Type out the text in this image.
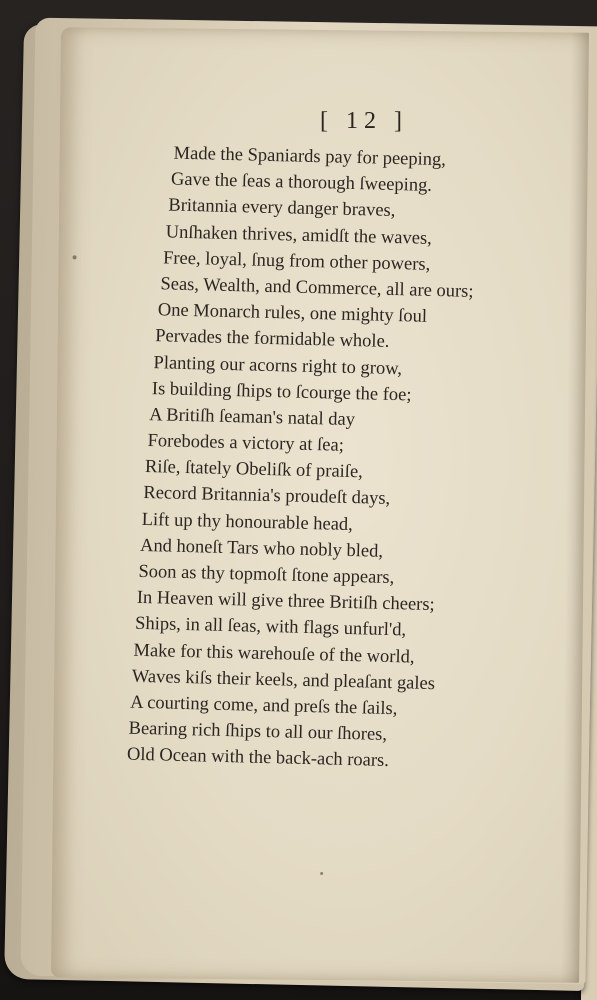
[ 12 ]
Made the Spaniards pay for peeping,
Gave the ſeas a thorough ſweeping.
Britannia every danger braves,
Unſhaken thrives, amidſt the waves,
Free, loyal, ſnug from other powers,
Seas, Wealth, and Commerce, all are ours;
One Monarch rules, one mighty ſoul
Pervades the formidable whole.
Planting our acorns right to grow,
Is building ſhips to ſcourge the foe;
A Britiſh ſeaman's natal day
Forebodes a victory at ſea;
Riſe, ſtately Obeliſk of praiſe,
Record Britannia's proudeſt days,
Lift up thy honourable head,
And honeſt Tars who nobly bled,
Soon as thy topmoſt ſtone appears,
In Heaven will give three Britiſh cheers;
Ships, in all ſeas, with flags unfurl'd,
Make for this warehouſe of the world,
Waves kiſs their keels, and pleaſant gales
A courting come, and preſs the ſails,
Bearing rich ſhips to all our ſhores,
Old Ocean with the back-ach roars.
